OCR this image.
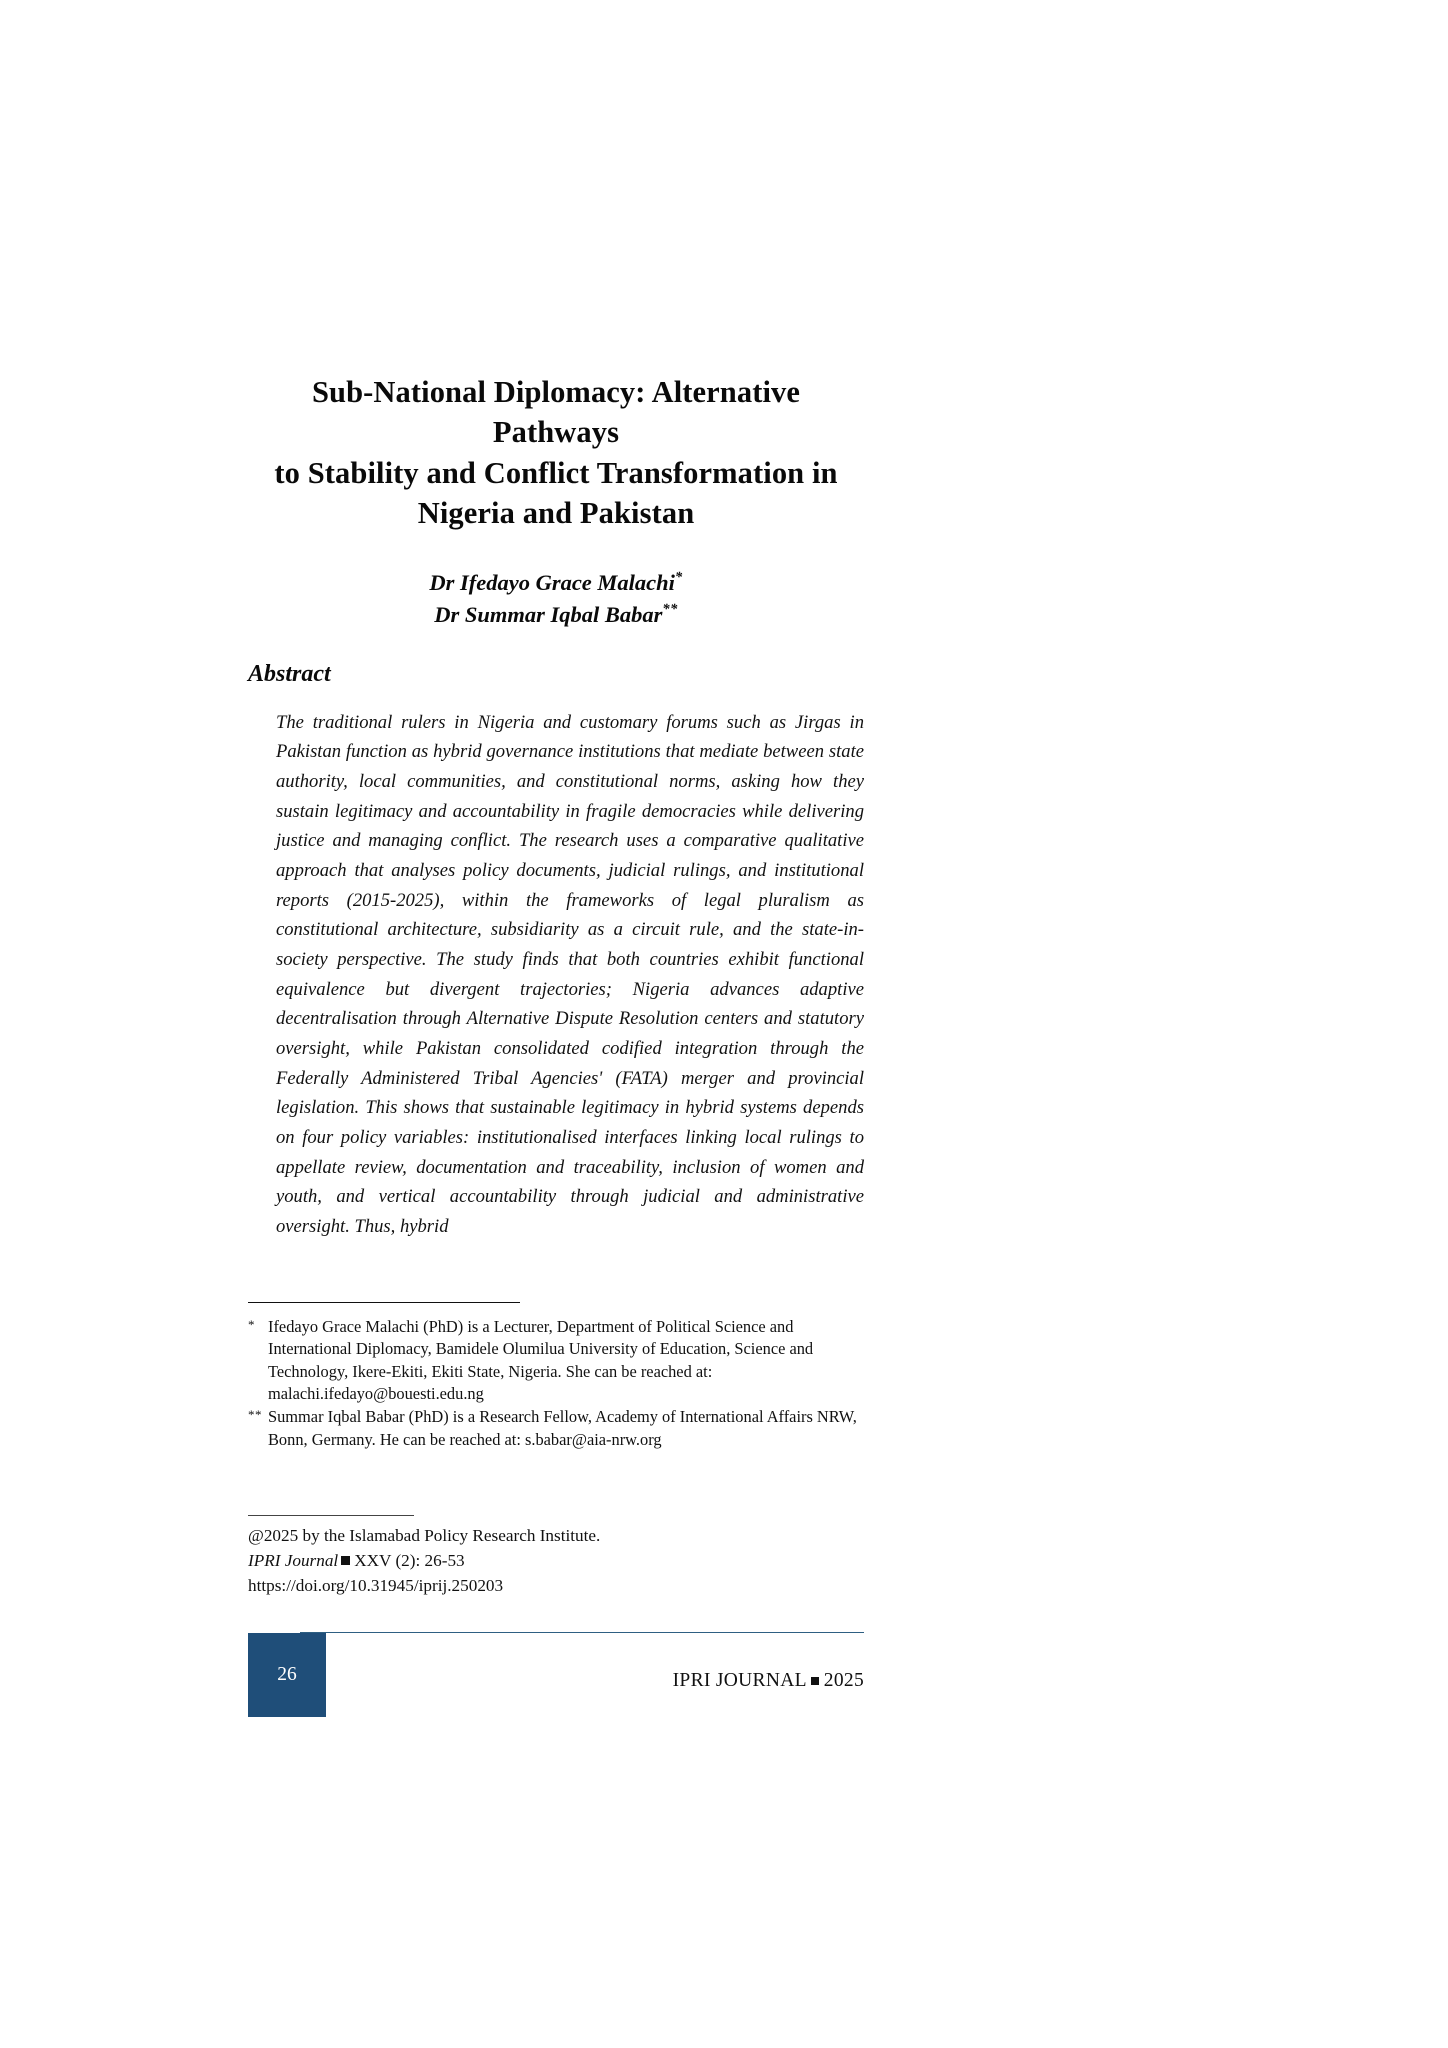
Sub-National Diplomacy: Alternative Pathways
to Stability and Conflict Transformation in
Nigeria and Pakistan
Dr Ifedayo Grace Malachi*
Dr Summar Iqbal Babar**
Abstract

The traditional rulers in Nigeria and customary forums such as Jirgas in Pakistan function as hybrid governance institutions that mediate between state authority, local communities, and constitutional norms, asking how they sustain legitimacy and accountability in fragile democracies while delivering justice and managing conflict. The research uses a comparative qualitative approach that analyses policy documents, judicial rulings, and institutional reports (2015-2025), within the frameworks of legal pluralism as constitutional architecture, subsidiarity as a circuit rule, and the state-in-society perspective. The study finds that both countries exhibit functional equivalence but divergent trajectories; Nigeria advances adaptive decentralisation through Alternative Dispute Resolution centers and statutory oversight, while Pakistan consolidated codified integration through the Federally Administered Tribal Agencies' (FATA) merger and provincial legislation. This shows that sustainable legitimacy in hybrid systems depends on four policy variables: institutionalised interfaces linking local rulings to appellate review, documentation and traceability, inclusion of women and youth, and vertical accountability through judicial and administrative oversight. Thus, hybrid

* Ifedayo Grace Malachi (PhD) is a Lecturer, Department of Political Science and International Diplomacy, Bamidele Olumilua University of Education, Science and Technology, Ikere-Ekiti, Ekiti State, Nigeria. She can be reached at:
malachi.ifedayo@bouesti.edu.ng
** Summar Iqbal Babar (PhD) is a Research Fellow, Academy of International Affairs NRW, Bonn, Germany. He can be reached at: s.babar@aia-nrw.org
@2025 by the Islamabad Policy Research Institute.
IPRI Journal XXV (2): 26-53
https://doi.org/10.31945/iprij.250203
26	IPRI JOURNAL 2025
